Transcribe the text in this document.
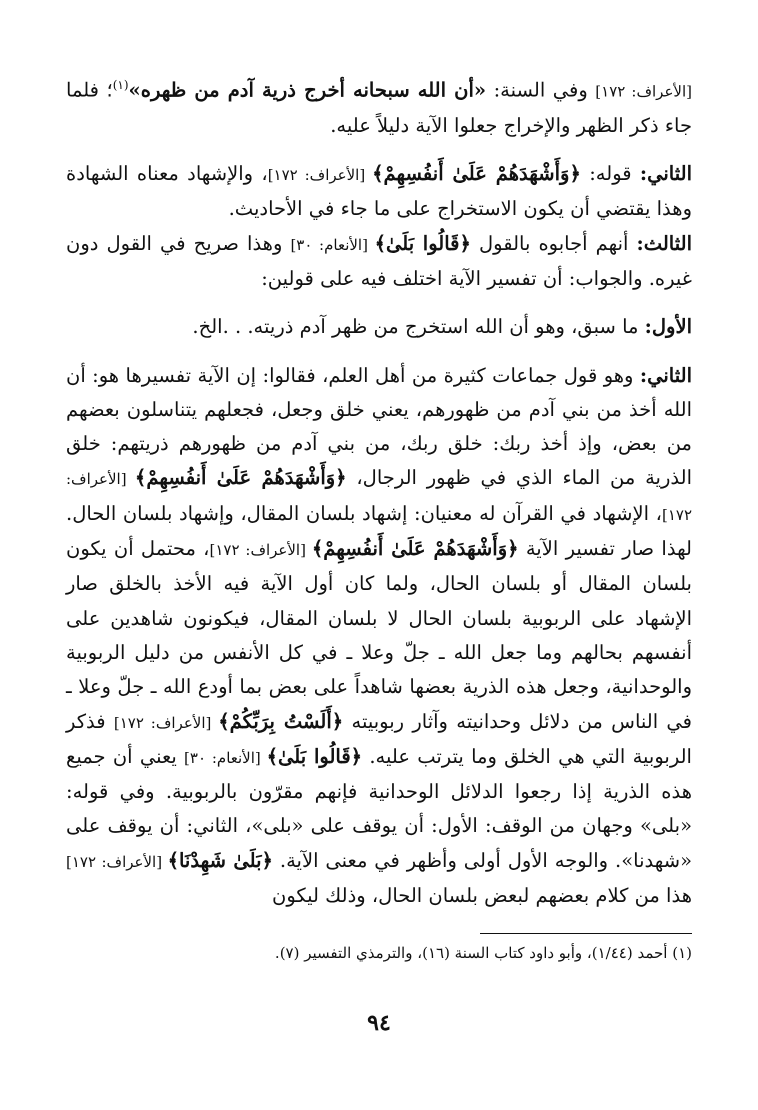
[الأعراف: ١٧٢] وفي السنة: «أن الله سبحانه أخرج ذرية آدم من ظهره»$^{(١)}$؛ فلما جاء ذكر الظهر والإخراج جعلوا الآية دليلاً عليه.

الثاني: قوله: ﴿وَأَشْهَدَهُمْ عَلَىٰ أَنفُسِهِمْ﴾ [الأعراف: ١٧٢]، والإشهاد معناه الشهادة وهذا يقتضي أن يكون الاستخراج على ما جاء في الأحاديث.

الثالث: أنهم أجابوه بالقول ﴿قَالُوا بَلَىٰ﴾ [الأنعام: ٣٠] وهذا صريح في القول دون غيره. والجواب: أن تفسير الآية اختلف فيه على قولين:

الأول: ما سبق، وهو أن الله استخرج من ظهر آدم ذريته. . .الخ.

الثاني: وهو قول جماعات كثيرة من أهل العلم، فقالوا: إن الآية تفسيرها هو: أن الله أخذ من بني آدم من ظهورهم، يعني خلق وجعل، فجعلهم يتناسلون بعضهم من بعض، وإذ أخذ ربك: خلق ربك، من بني آدم من ظهورهم ذريتهم: خلق الذرية من الماء الذي في ظهور الرجال، ﴿وَأَشْهَدَهُمْ عَلَىٰ أَنفُسِهِمْ﴾ [الأعراف: ١٧٢]، الإشهاد في القرآن له معنيان: إشهاد بلسان المقال، وإشهاد بلسان الحال. لهذا صار تفسير الآية ﴿وَأَشْهَدَهُمْ عَلَىٰ أَنفُسِهِمْ﴾ [الأعراف: ١٧٢]، محتمل أن يكون بلسان المقال أو بلسان الحال، ولما كان أول الآية فيه الأخذ بالخلق صار الإشهاد على الربوبية بلسان الحال لا بلسان المقال، فيكونون شاهدين على أنفسهم بحالهم وما جعل الله ـ جلّ وعلا ـ في كل الأنفس من دليل الربوبية والوحدانية، وجعل هذه الذرية بعضها شاهداً على بعض بما أودع الله ـ جلّ وعلا ـ في الناس من دلائل وحدانيته وآثار ربوبيته ﴿أَلَسْتُ بِرَبِّكُمْ﴾ [الأعراف: ١٧٢] فذكر الربوبية التي هي الخلق وما يترتب عليه. ﴿قَالُوا بَلَىٰ﴾ [الأنعام: ٣٠] يعني أن جميع هذه الذرية إذا رجعوا الدلائل الوحدانية فإنهم مقرّون بالربوبية. وفي قوله: «بلى» وجهان من الوقف: الأول: أن يوقف على «بلى»، الثاني: أن يوقف على «شهدنا». والوجه الأول أولى وأظهر في معنى الآية. ﴿بَلَىٰ شَهِدْنَا﴾ [الأعراف: ١٧٢] هذا من كلام بعضهم لبعض بلسان الحال، وذلك ليكون

(١) أحمد (١/٤٤)، وأبو داود كتاب السنة (١٦)، والترمذي التفسير (٧).

٩٤
